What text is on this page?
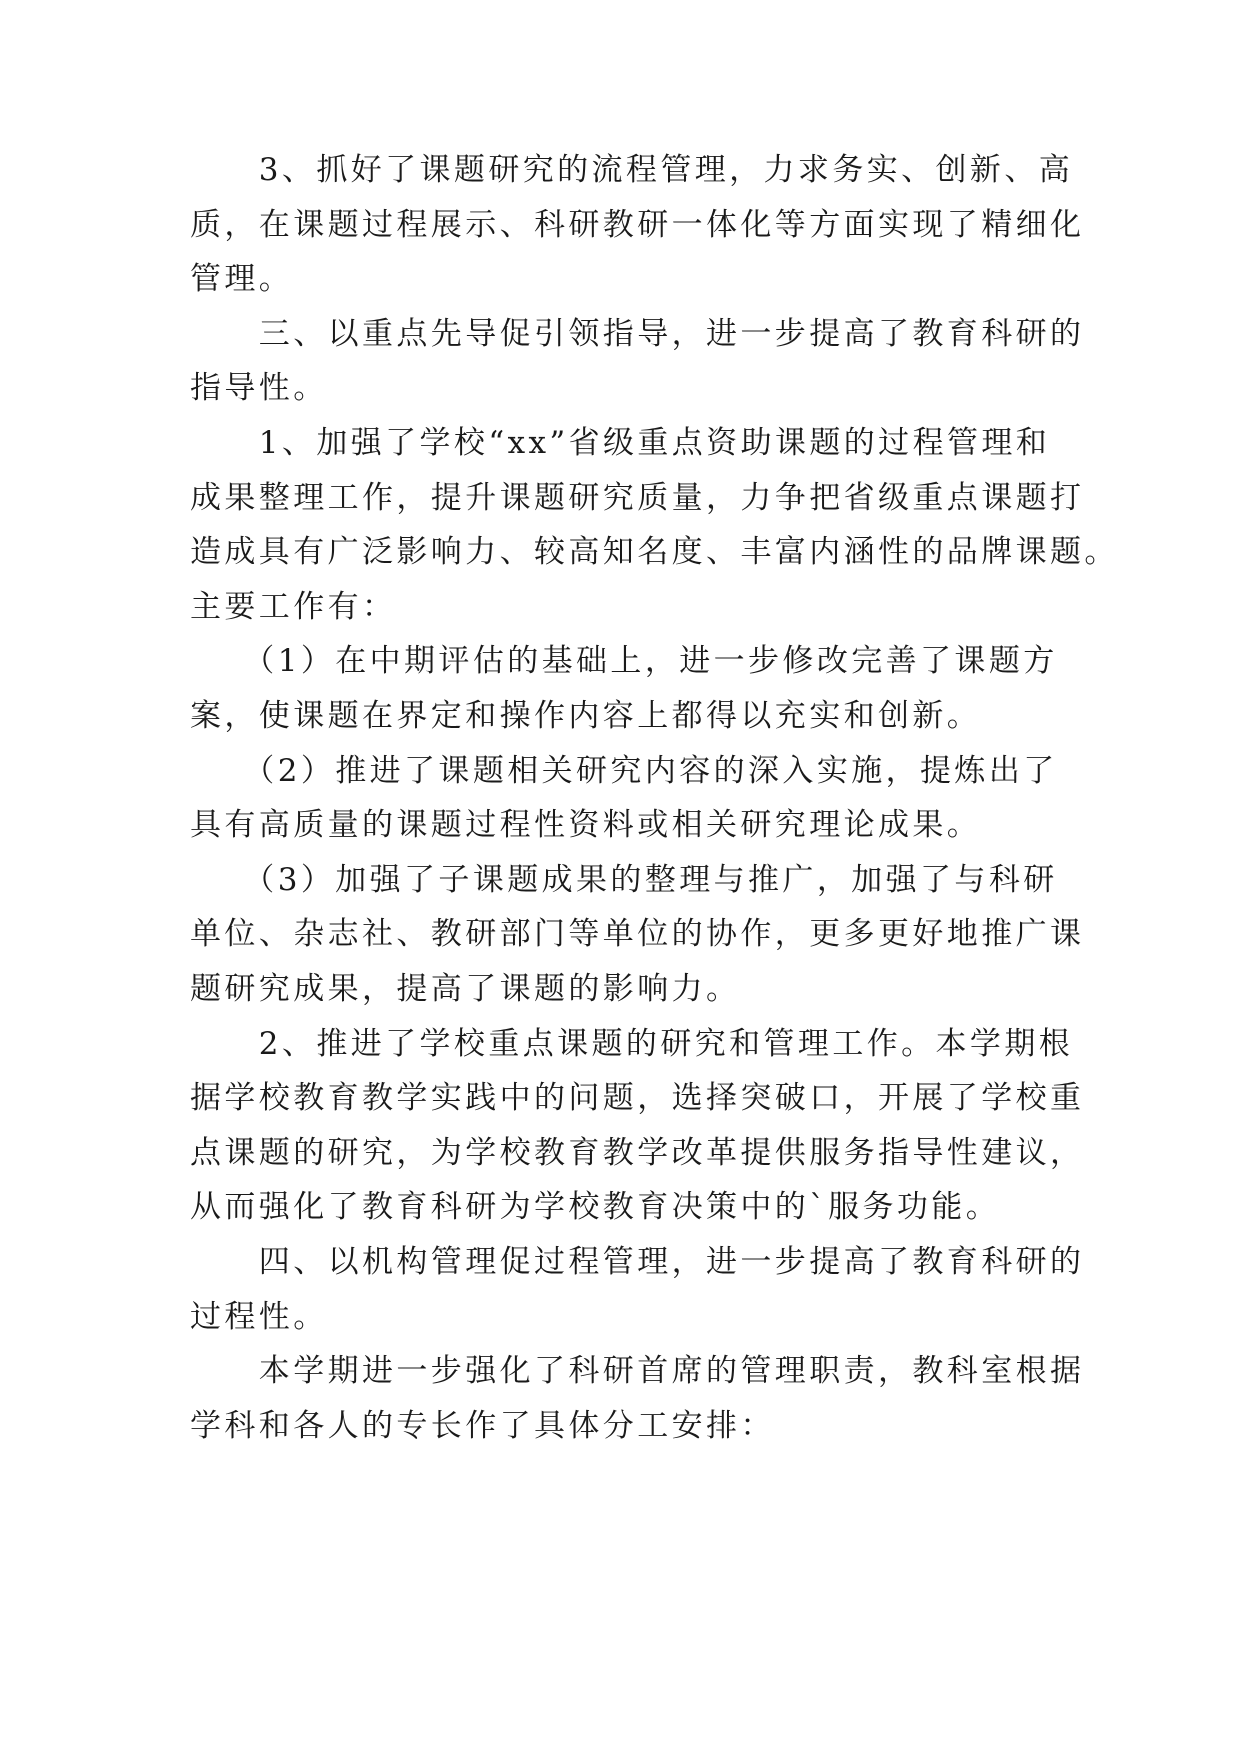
　　3、抓好了课题研究的流程管理，力求务实、创新、高

质，在课题过程展示、科研教研一体化等方面实现了精细化

管理。

　　三、以重点先导促引领指导，进一步提高了教育科研的

指导性。

　　1、加强了学校“xx”省级重点资助课题的过程管理和

成果整理工作，提升课题研究质量，力争把省级重点课题打

造成具有广泛影响力、较高知名度、丰富内涵性的品牌课题。

主要工作有：

　　（1）在中期评估的基础上，进一步修改完善了课题方

案，使课题在界定和操作内容上都得以充实和创新。

　　（2）推进了课题相关研究内容的深入实施，提炼出了

具有高质量的课题过程性资料或相关研究理论成果。

　　（3）加强了子课题成果的整理与推广，加强了与科研

单位、杂志社、教研部门等单位的协作，更多更好地推广课

题研究成果，提高了课题的影响力。

　　2、推进了学校重点课题的研究和管理工作。本学期根

据学校教育教学实践中的问题，选择突破口，开展了学校重

点课题的研究，为学校教育教学改革提供服务指导性建议，

从而强化了教育科研为学校教育决策中的`服务功能。

　　四、以机构管理促过程管理，进一步提高了教育科研的

过程性。

　　本学期进一步强化了科研首席的管理职责，教科室根据

学科和各人的专长作了具体分工安排：
